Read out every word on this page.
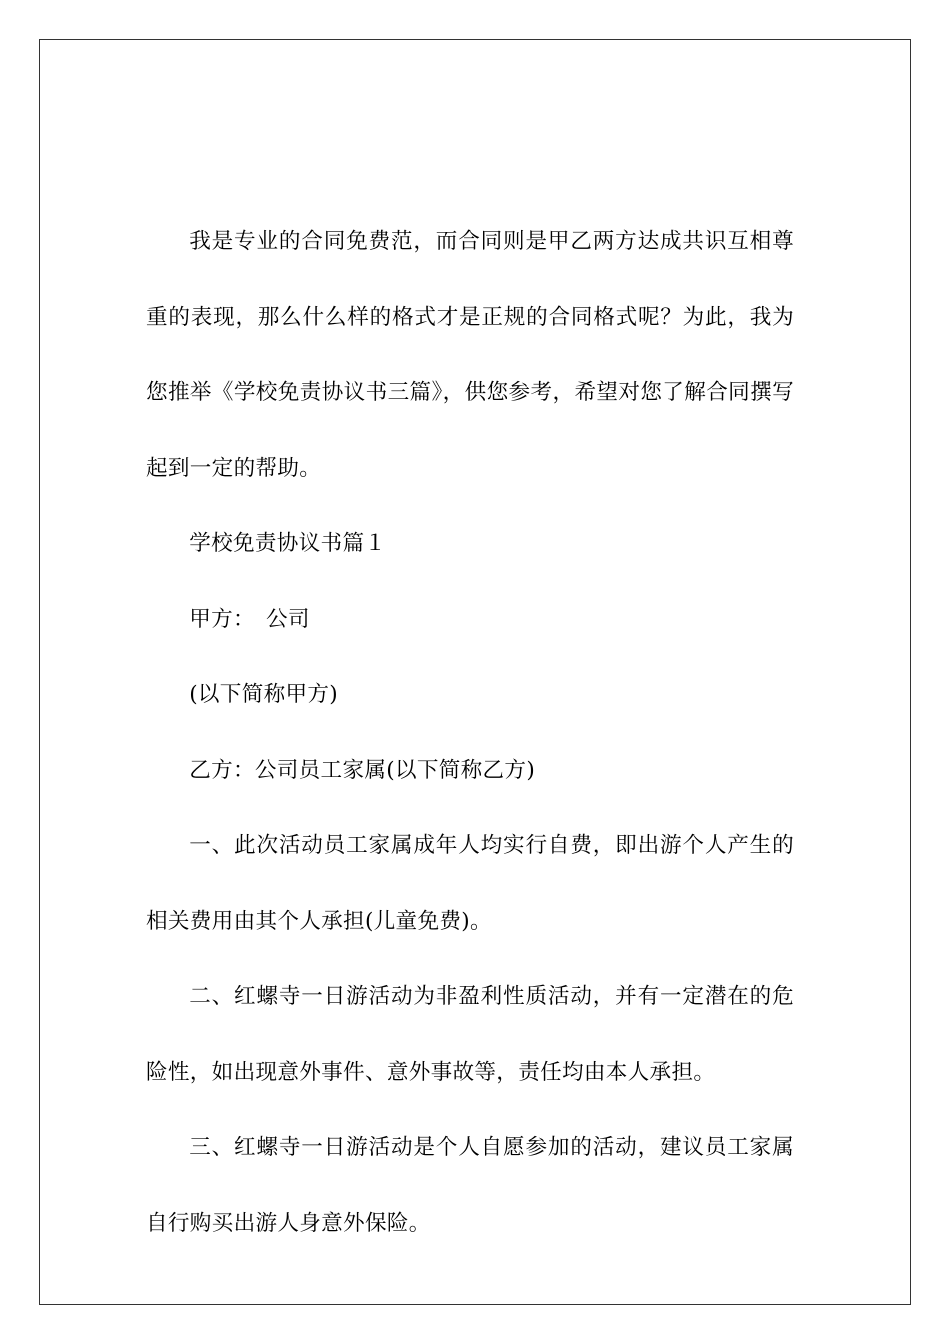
我是专业的合同免费范，而合同则是甲乙两方达成共识互相尊重的表现，那么什么样的格式才是正规的合同格式呢？为此，我为您推举《学校免责协议书三篇》，供您参考，希望对您了解合同撰写起到一定的帮助。

学校免责协议书篇１

甲方：　公司

(以下简称甲方)

乙方：公司员工家属(以下简称乙方)

一、此次活动员工家属成年人均实行自费，即出游个人产生的相关费用由其个人承担(儿童免费)。

二、红螺寺一日游活动为非盈利性质活动，并有一定潜在的危险性，如出现意外事件、意外事故等，责任均由本人承担。

三、红螺寺一日游活动是个人自愿参加的活动，建议员工家属自行购买出游人身意外保险。
